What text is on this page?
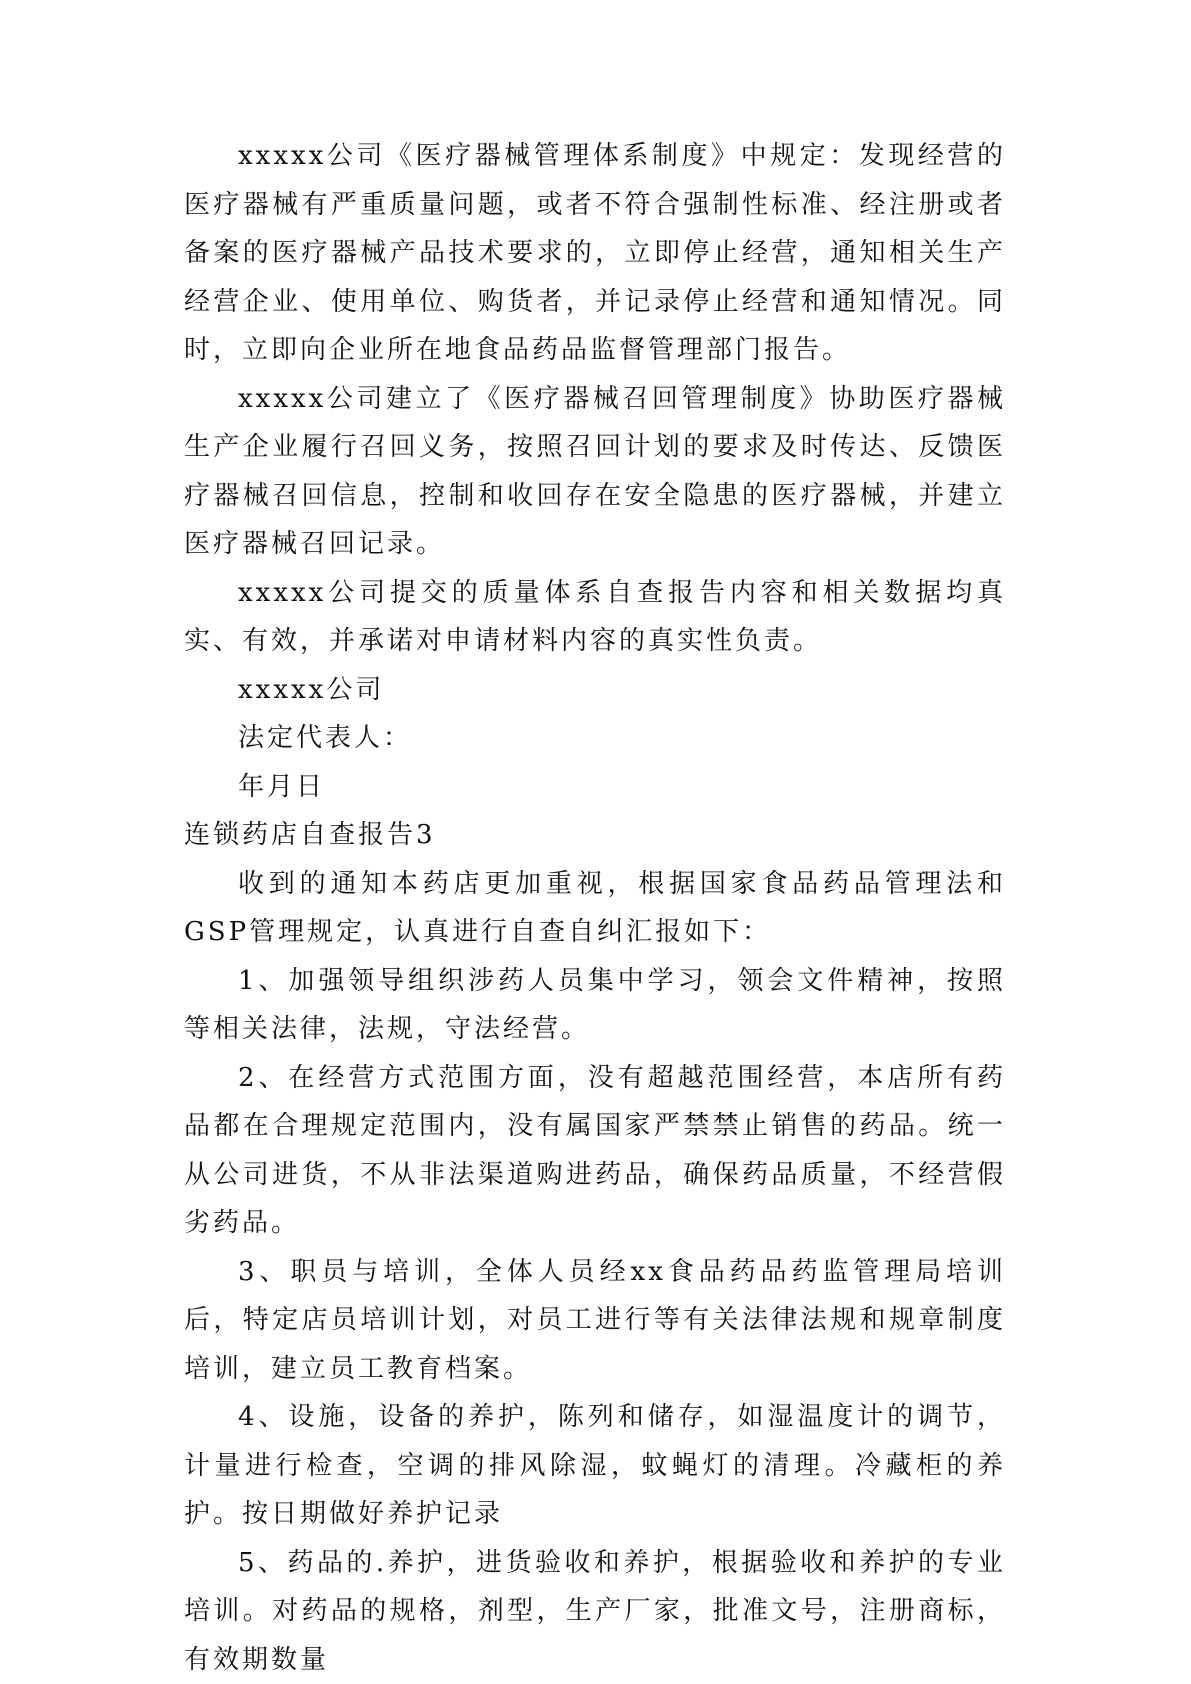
xxxxx公司《医疗器械管理体系制度》中规定：发现经营的医疗器械有严重质量问题，或者不符合强制性标准、经注册或者备案的医疗器械产品技术要求的，立即停止经营，通知相关生产经营企业、使用单位、购货者，并记录停止经营和通知情况。同时，立即向企业所在地食品药品监督管理部门报告。

xxxxx公司建立了《医疗器械召回管理制度》协助医疗器械生产企业履行召回义务，按照召回计划的要求及时传达、反馈医疗器械召回信息，控制和收回存在安全隐患的医疗器械，并建立医疗器械召回记录。

xxxxx公司提交的质量体系自查报告内容和相关数据均真实、有效，并承诺对申请材料内容的真实性负责。

xxxxx公司

法定代表人：

年月日

连锁药店自查报告3

收到的通知本药店更加重视，根据国家食品药品管理法和GSP管理规定，认真进行自查自纠汇报如下：

1、加强领导组织涉药人员集中学习，领会文件精神，按照等相关法律，法规，守法经营。

2、在经营方式范围方面，没有超越范围经营，本店所有药品都在合理规定范围内，没有属国家严禁禁止销售的药品。统一从公司进货，不从非法渠道购进药品，确保药品质量，不经营假劣药品。

3、职员与培训，全体人员经xx食品药品药监管理局培训后，特定店员培训计划，对员工进行等有关法律法规和规章制度培训，建立员工教育档案。

4、设施，设备的养护，陈列和储存，如湿温度计的调节，计量进行检查，空调的排风除湿，蚊蝇灯的清理。冷藏柜的养护。按日期做好养护记录

5、药品的.养护，进货验收和养护，根据验收和养护的专业培训。对药品的规格，剂型，生产厂家，批准文号，注册商标，有效期数量
